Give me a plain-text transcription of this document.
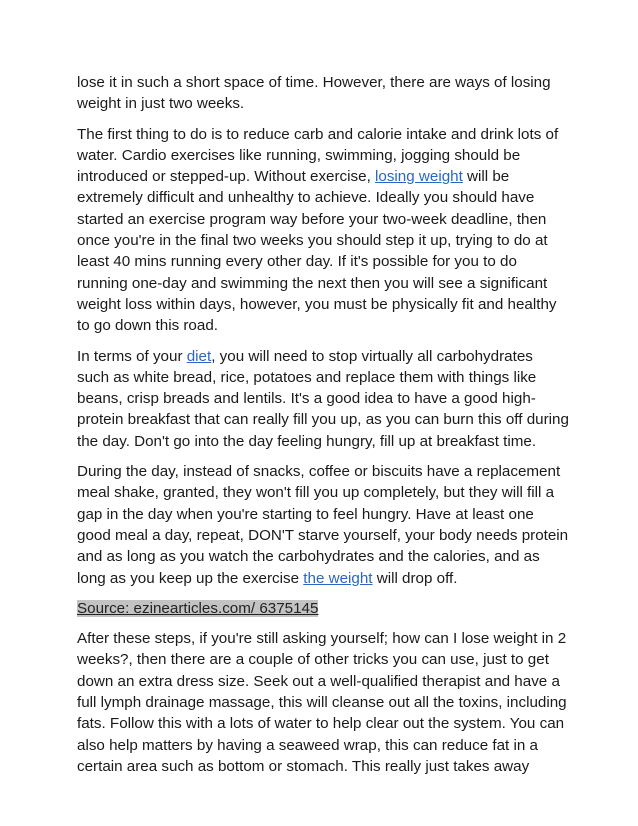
lose it in such a short space of time. However, there are ways of losing weight in just two weeks.

The first thing to do is to reduce carb and calorie intake and drink lots of water. Cardio exercises like running, swimming, jogging should be introduced or stepped-up. Without exercise, losing weight will be extremely difficult and unhealthy to achieve. Ideally you should have started an exercise program way before your two-week deadline, then once you're in the final two weeks you should step it up, trying to do at least 40 mins running every other day. If it's possible for you to do running one-day and swimming the next then you will see a significant weight loss within days, however, you must be physically fit and healthy to go down this road.

In terms of your diet, you will need to stop virtually all carbohydrates such as white bread, rice, potatoes and replace them with things like beans, crisp breads and lentils. It's a good idea to have a good high-protein breakfast that can really fill you up, as you can burn this off during the day. Don't go into the day feeling hungry, fill up at breakfast time.

During the day, instead of snacks, coffee or biscuits have a replacement meal shake, granted, they won't fill you up completely, but they will fill a gap in the day when you're starting to feel hungry. Have at least one good meal a day, repeat, DON'T starve yourself, your body needs protein and as long as you watch the carbohydrates and the calories, and as long as you keep up the exercise the weight will drop off.

Source: ezinearticles.com/ 6375145

After these steps, if you're still asking yourself; how can I lose weight in 2 weeks?, then there are a couple of other tricks you can use, just to get down an extra dress size. Seek out a well-qualified therapist and have a full lymph drainage massage, this will cleanse out all the toxins, including fats. Follow this with a lots of water to help clear out the system. You can also help matters by having a seaweed wrap, this can reduce fat in a certain area such as bottom or stomach. This really just takes away
